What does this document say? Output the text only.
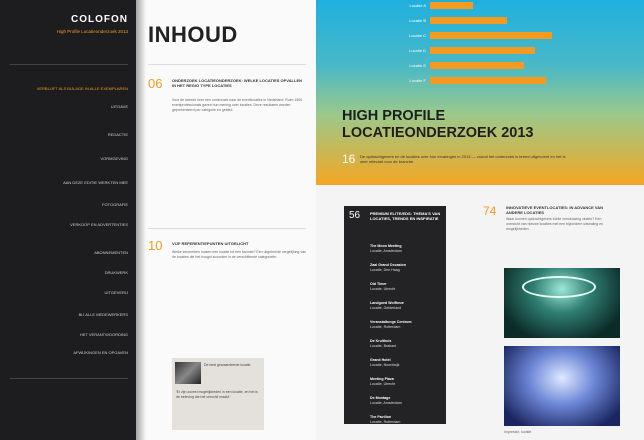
COLOFON
High Profile Locatieonderzoek 2013
VERBLIJFT ALS BIJLAGE IN ALLE EXEMPLAREN
UITGAVE
REDACTIE
VORMGEVING
AAN DEZE EDITIE WERKTEN MEE
FOTOGRAFIE
VERKOOP EN ADVERTENTIES
ABONNEMENTEN
DRUKWERK
UITGEVERIJ
BIJ ALLE MEDEWERKERS
HET VERANTWOORDING
AFWIJKINGEN EN OPGAVEN
INHOUD
06 ONDERZOEK LOCATIEONDERZOEK: WELKE LOCATIES OPVALLEN IN HET REGIO TYPE LOCATIES
Voor de tweede keer een onderzoek naar de eventlocaties in Nederland. Ruim 1500 eventprofessionals gaven hun mening over locaties. Deze resultaten worden gepresenteerd per categorie en gebied.
10 VIJF REFERENTIEPUNTEN UITGELICHT
Welke kenmerken maken een locatie tot een favoriet? Een uitgebreide vergelijking van de locaties die het hoogst scoorden in de verschillende categorieën.
De best gewaardeerde locatie
'Er zijn zoveel mogelijkheden in een locatie, en het is de beleving die het verschil maakt.'
Locatie A
Locatie B
Locatie C
Locatie D
Locatie E
Locatie F
HIGH PROFILE
LOCATIEONDERZOEK 2013
16 De opdrachtgevers en de locaties over hun ervaringen in 2013 — vooral het onderzoek is breed uitgevoerd en het is zeer relevant voor de branche.
56 PREMIUM ELITE/EDS: THEMA'S VAN LOCATIES, TRENDS EN INSPIRATIE
The Moon Meeting
Locatie, Amsterdam
Zaal Grand Occasion
Locatie, Den Haag
Old Timer
Locatie, Utrecht
Landgoed Wolfheze
Locatie, Gelderland
Veranstaltungs Centrum
Locatie, Rotterdam
De Kruithuis
Locatie, Brabant
Grand Hotel
Locatie, Noordwijk
Meeting Plaza
Locatie, Utrecht
De Montage
Locatie, Amsterdam
The Pavilion
Locatie, Rotterdam
74 INNOVATIEVE EVENTLOCATIES: IN ADVANCE VAN ANDERE LOCATIES
Waar kunnen opdrachtgevers echte vernieuwing vinden? Een overzicht van nieuwe locaties met een bijzondere uitstraling en mogelijkheden.
Impressie, locatie
